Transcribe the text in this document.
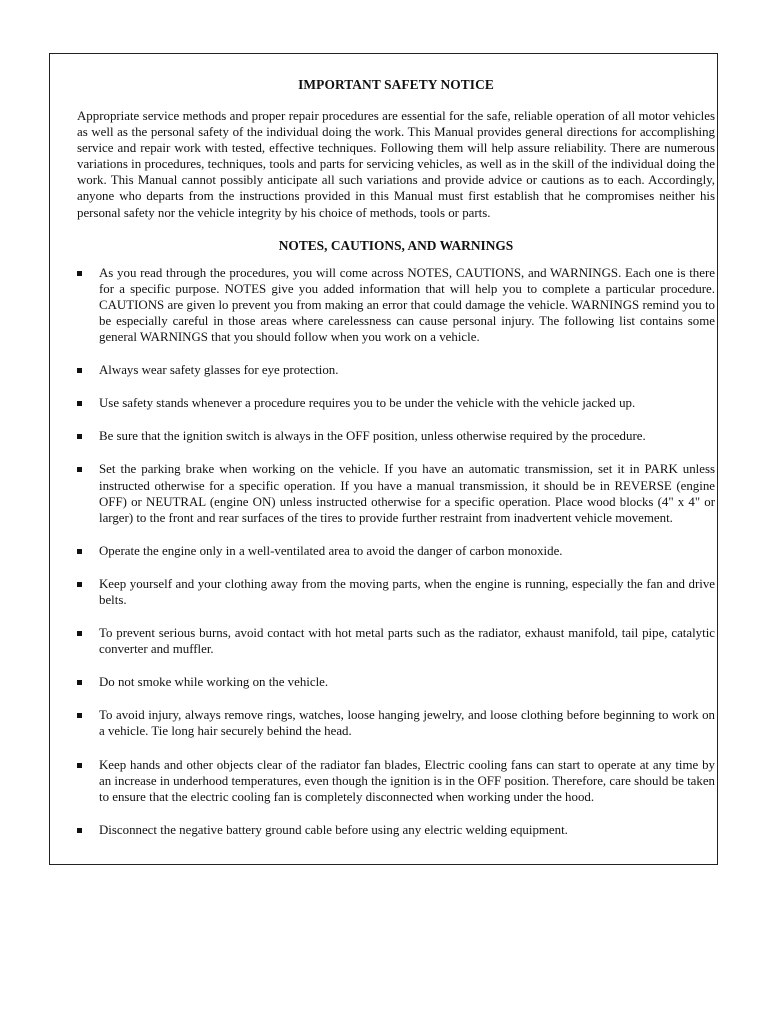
IMPORTANT SAFETY NOTICE

Appropriate service methods and proper repair procedures are essential for the safe, reliable operation of all motor vehicles as well as the personal safety of the individual doing the work. This Manual provides general directions for accomplishing service and repair work with tested, effective techniques. Following them will help assure reliability. There are numerous variations in procedures, techniques, tools and parts for servicing vehicles, as well as in the skill of the individual doing the work. This Manual cannot possibly anticipate all such variations and provide advice or cautions as to each. Accordingly, anyone who departs from the instructions provided in this Manual must first establish that he compromises neither his personal safety nor the vehicle integrity by his choice of methods, tools or parts.

NOTES, CAUTIONS, AND WARNINGS
As you read through the procedures, you will come across NOTES, CAUTIONS, and WARNINGS. Each one is there for a specific purpose. NOTES give you added information that will help you to complete a particular procedure. CAUTIONS are given lo prevent you from making an error that could damage the vehicle. WARNINGS remind you to be especially careful in those areas where carelessness can cause personal injury. The following list contains some general WARNINGS that you should follow when you work on a vehicle.
Always wear safety glasses for eye protection.
Use safety stands whenever a procedure requires you to be under the vehicle with the vehicle jacked up.
Be sure that the ignition switch is always in the OFF position, unless otherwise required by the procedure.
Set the parking brake when working on the vehicle. If you have an automatic transmission, set it in PARK unless instructed otherwise for a specific operation. If you have a manual transmission, it should be in REVERSE (engine OFF) or NEUTRAL (engine ON) unless instructed otherwise for a specific operation. Place wood blocks (4" x 4" or larger) to the front and rear surfaces of the tires to provide further restraint from inadvertent vehicle movement.
Operate the engine only in a well-ventilated area to avoid the danger of carbon monoxide.
Keep yourself and your clothing away from the moving parts, when the engine is running, especially the fan and drive belts.
To prevent serious burns, avoid contact with hot metal parts such as the radiator, exhaust manifold, tail pipe, catalytic converter and muffler.
Do not smoke while working on the vehicle.
To avoid injury, always remove rings, watches, loose hanging jewelry, and loose clothing before beginning to work on a vehicle. Tie long hair securely behind the head.
Keep hands and other objects clear of the radiator fan blades, Electric cooling fans can start to operate at any time by an increase in underhood temperatures, even though the ignition is in the OFF position. Therefore, care should be taken to ensure that the electric cooling fan is completely disconnected when working under the hood.
Disconnect the negative battery ground cable before using any electric welding equipment.
